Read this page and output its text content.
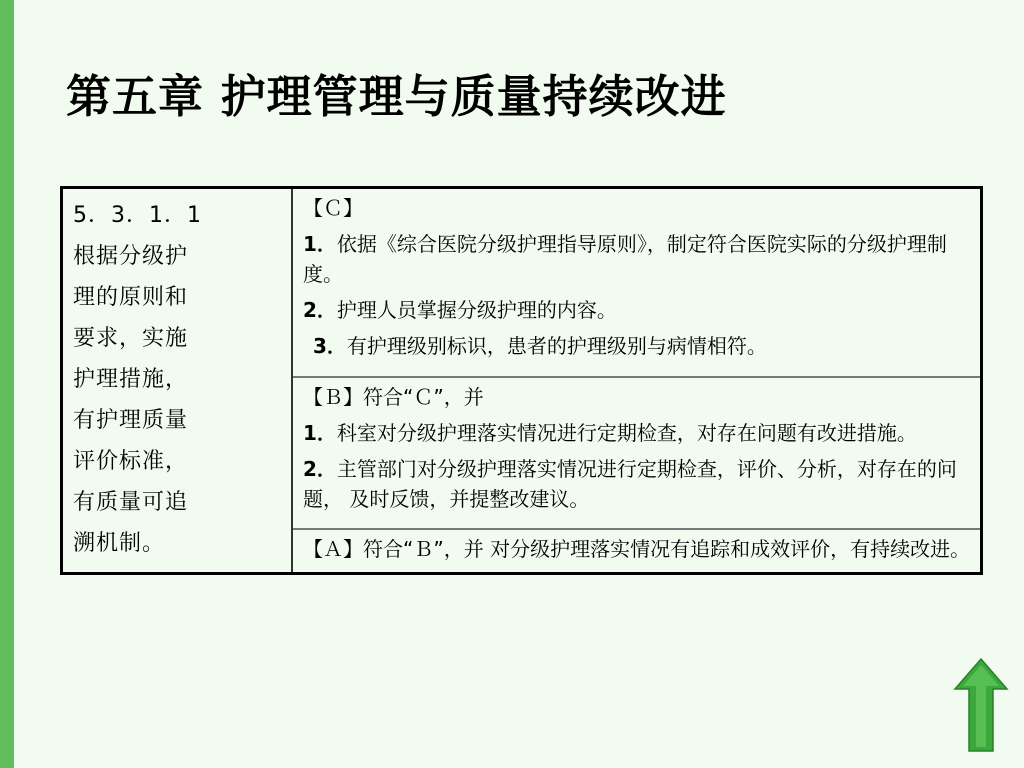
第五章 护理管理与质量持续改进
5．3．1．1
根据分级护
理的原则和
要求，实施
护理措施，
有护理质量
评价标准，
有质量可追
溯机制。

【Ｃ】
1．依据《综合医院分级护理指导原则》，制定符合医院实际的分级护理制度。
2．护理人员掌握分级护理的内容。
3．有护理级别标识，患者的护理级别与病情相符。

【Ｂ】符合“Ｃ”，并
1．科室对分级护理落实情况进行定期检查，对存在问题有改进措施。
2．主管部门对分级护理落实情况进行定期检查，评价、分析，对存在的问题， 及时反馈，并提整改建议。

【Ａ】符合“Ｂ”，并 对分级护理落实情况有追踪和成效评价，有持续改进。
